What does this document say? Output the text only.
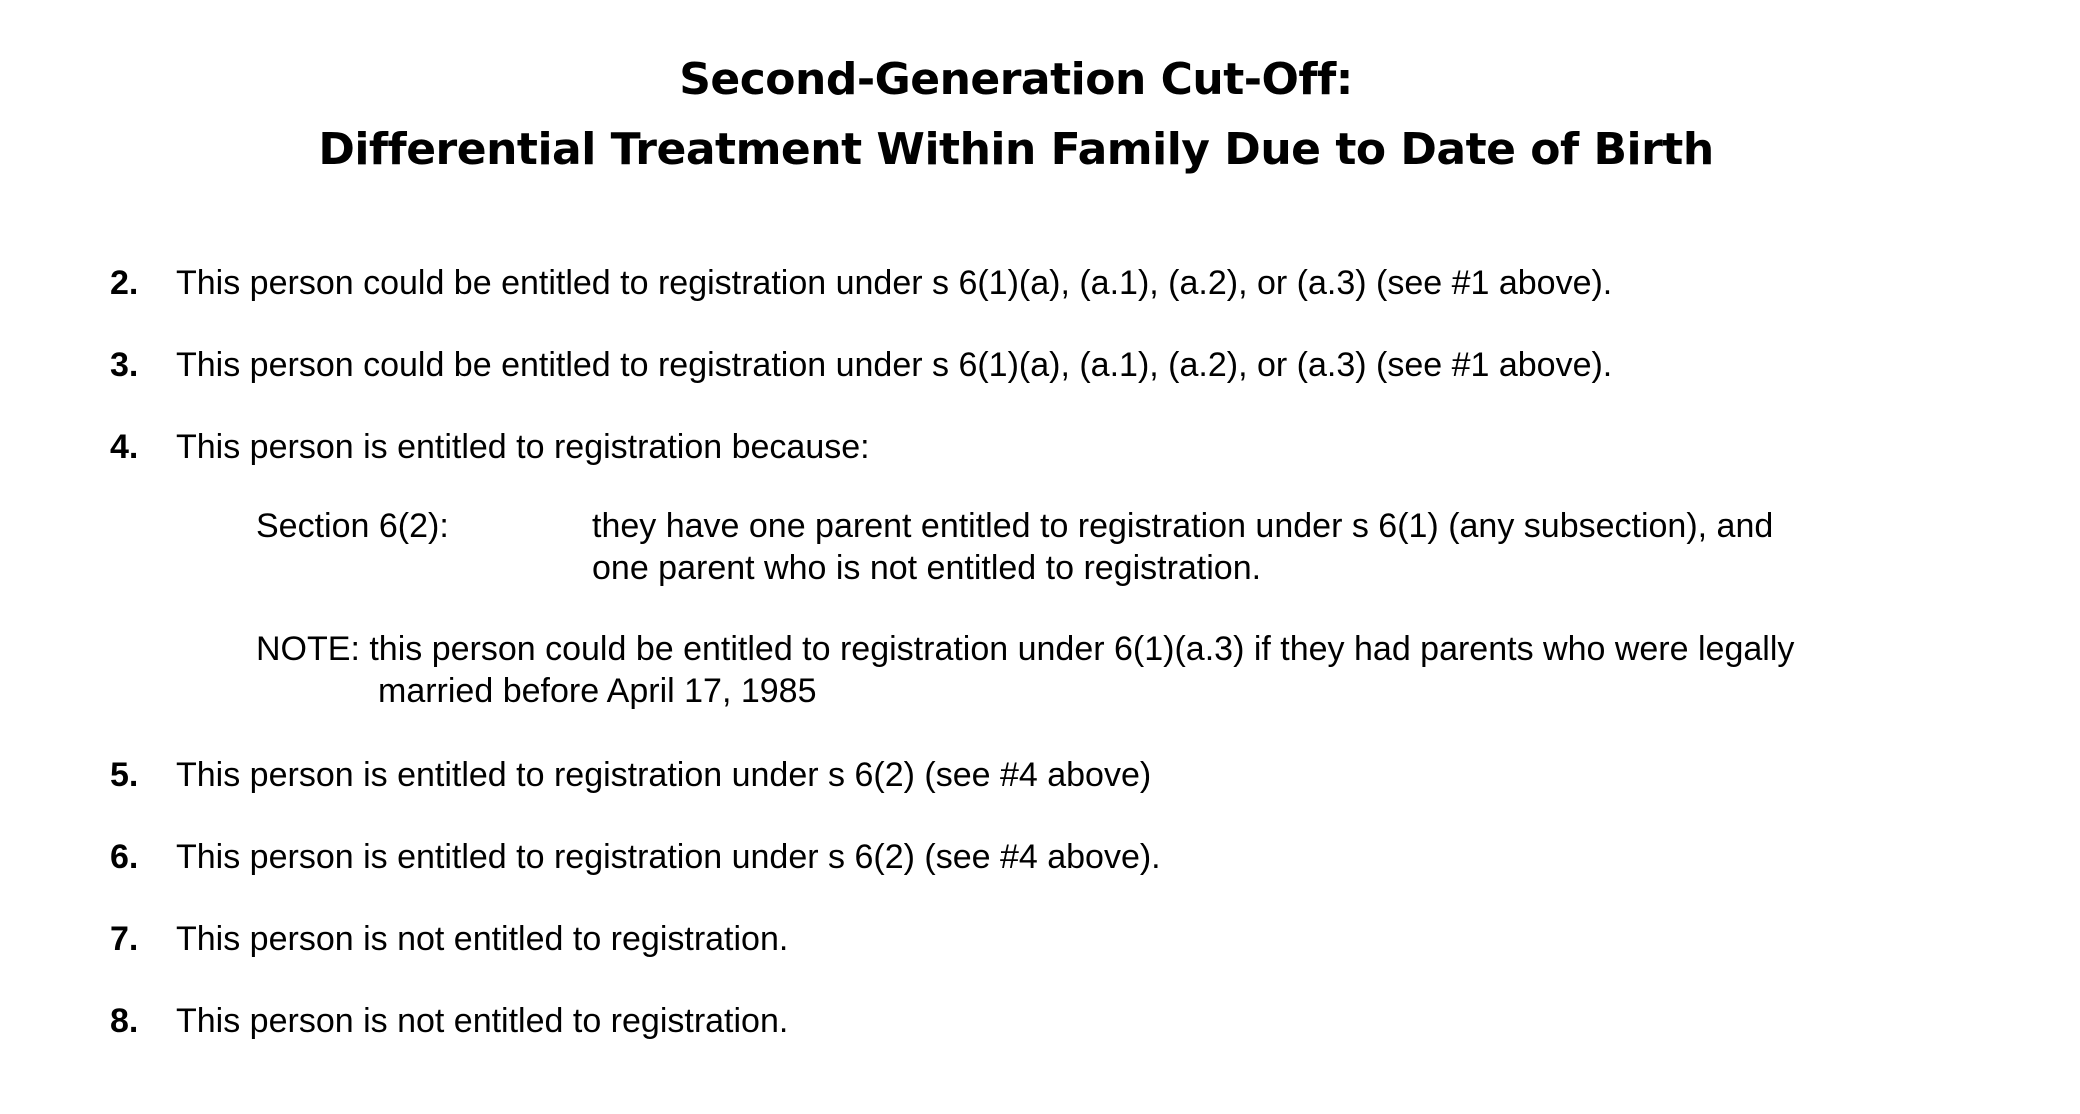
Second-Generation Cut-Off:
Differential Treatment Within Family Due to Date of Birth
2. This person could be entitled to registration under s 6(1)(a), (a.1), (a.2), or (a.3) (see #1 above).
3. This person could be entitled to registration under s 6(1)(a), (a.1), (a.2), or (a.3) (see #1 above).
4. This person is entitled to registration because:
Section 6(2):	they have one parent entitled to registration under s 6(1) (any subsection), and
one parent who is not entitled to registration.
NOTE: this person could be entitled to registration under 6(1)(a.3) if they had parents who were legally
married before April 17, 1985
5. This person is entitled to registration under s 6(2) (see #4 above)
6. This person is entitled to registration under s 6(2) (see #4 above).
7. This person is not entitled to registration.
8. This person is not entitled to registration.
